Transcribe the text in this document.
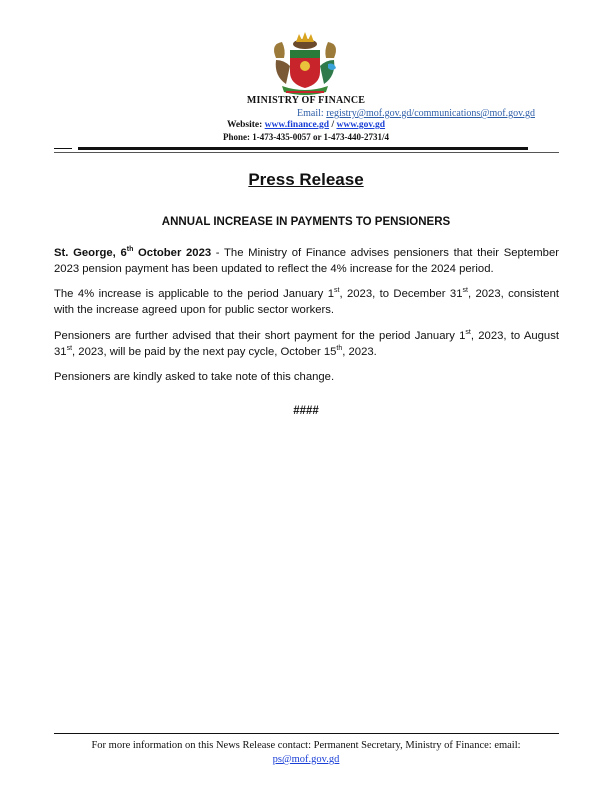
MINISTRY OF FINANCE
Email: registry@mof.gov.gd/communications@mof.gov.gd
Website: www.finance.gd / www.gov.gd
Phone: 1-473-435-0057 or 1-473-440-2731/4
Press Release
ANNUAL INCREASE IN PAYMENTS TO PENSIONERS
St. George, 6th October 2023 - The Ministry of Finance advises pensioners that their September 2023 pension payment has been updated to reflect the 4% increase for the 2024 period.
The 4% increase is applicable to the period January 1st, 2023, to December 31st, 2023, consistent with the increase agreed upon for public sector workers.
Pensioners are further advised that their short payment for the period January 1st, 2023, to August 31st, 2023, will be paid by the next pay cycle, October 15th, 2023.
Pensioners are kindly asked to take note of this change.
####
For more information on this News Release contact: Permanent Secretary, Ministry of Finance: email:
ps@mof.gov.gd
